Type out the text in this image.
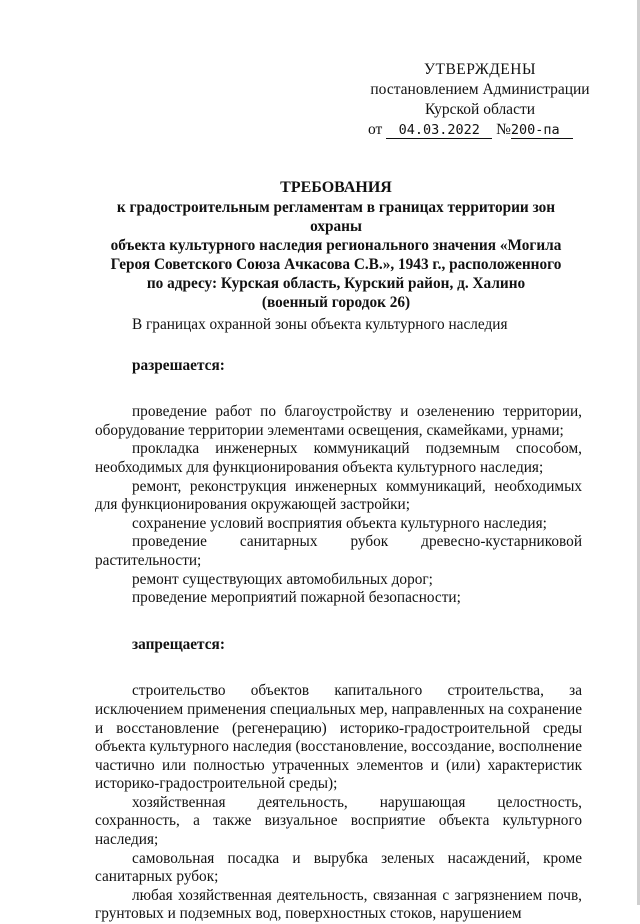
УТВЕРЖДЕНЫ
постановлением Администрации
Курской области
от 04.03.2022 №200-па
ТРЕБОВАНИЯ
к градостроительным регламентам в границах территории зон охраны
объекта культурного наследия регионального значения «Могила
Героя Советского Союза Ачкасова С.В.», 1943 г., расположенного
по адресу: Курская область, Курский район, д. Халино
(военный городок 26)

В границах охранной зоны объекта культурного наследия

разрешается:

проведение работ по благоустройству и озеленению территории, оборудование территории элементами освещения, скамейками, урнами;

прокладка инженерных коммуникаций подземным способом, необходимых для функционирования объекта культурного наследия;

ремонт, реконструкция инженерных коммуникаций, необходимых для функционирования окружающей застройки;

сохранение условий восприятия объекта культурного наследия;

проведение санитарных рубок древесно-кустарниковой растительности;

ремонт существующих автомобильных дорог;

проведение мероприятий пожарной безопасности;

запрещается:

строительство объектов капитального строительства, за исключением применения специальных мер, направленных на сохранение и восстановление (регенерацию) историко-градостроительной среды объекта культурного наследия (восстановление, воссоздание, восполнение частично или полностью утраченных элементов и (или) характеристик историко-градостроительной среды);

хозяйственная деятельность, нарушающая целостность, сохранность, а также визуальное восприятие объекта культурного наследия;

самовольная посадка и вырубка зеленых насаждений, кроме санитарных рубок;

любая хозяйственная деятельность, связанная с загрязнением почв, грунтовых и подземных вод, поверхностных стоков, нарушением
